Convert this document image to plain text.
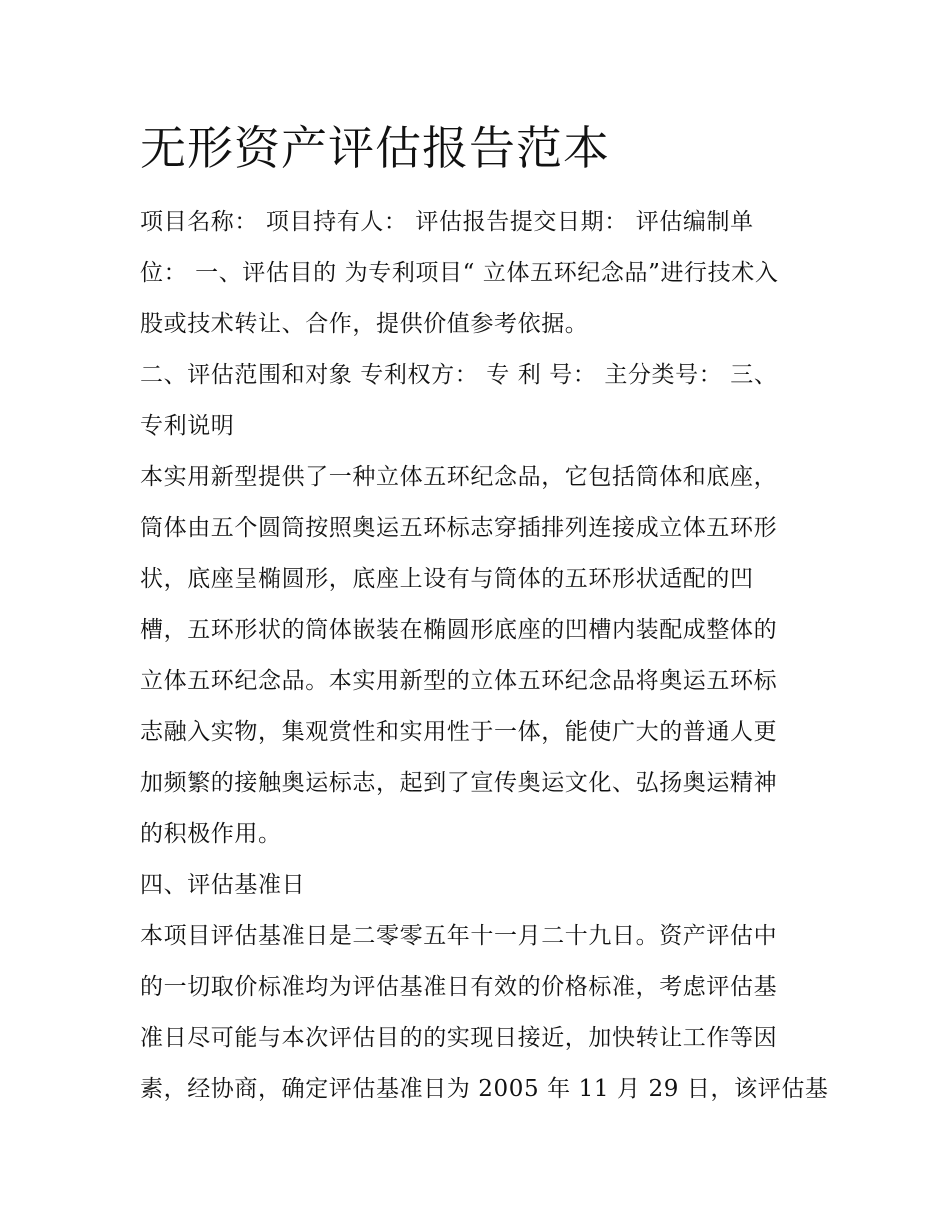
无形资产评估报告范本
项目名称： 项目持有人： 评估报告提交日期： 评估编制单
位： 一、评估目的 为专利项目“ 立体五环纪念品”进行技术入
股或技术转让、合作，提供价值参考依据。
二、评估范围和对象 专利权方： 专 利 号： 主分类号： 三、
专利说明
本实用新型提供了一种立体五环纪念品，它包括筒体和底座，
筒体由五个圆筒按照奥运五环标志穿插排列连接成立体五环形
状，底座呈椭圆形，底座上设有与筒体的五环形状适配的凹
槽，五环形状的筒体嵌装在椭圆形底座的凹槽内装配成整体的
立体五环纪念品。本实用新型的立体五环纪念品将奥运五环标
志融入实物，集观赏性和实用性于一体，能使广大的普通人更
加频繁的接触奥运标志，起到了宣传奥运文化、弘扬奥运精神
的积极作用。
四、评估基准日
本项目评估基准日是二零零五年十一月二十九日。资产评估中
的一切取价标准均为评估基准日有效的价格标准，考虑评估基
准日尽可能与本次评估目的的实现日接近，加快转让工作等因
素，经协商，确定评估基准日为 2005 年 11 月 29 日，该评估基
